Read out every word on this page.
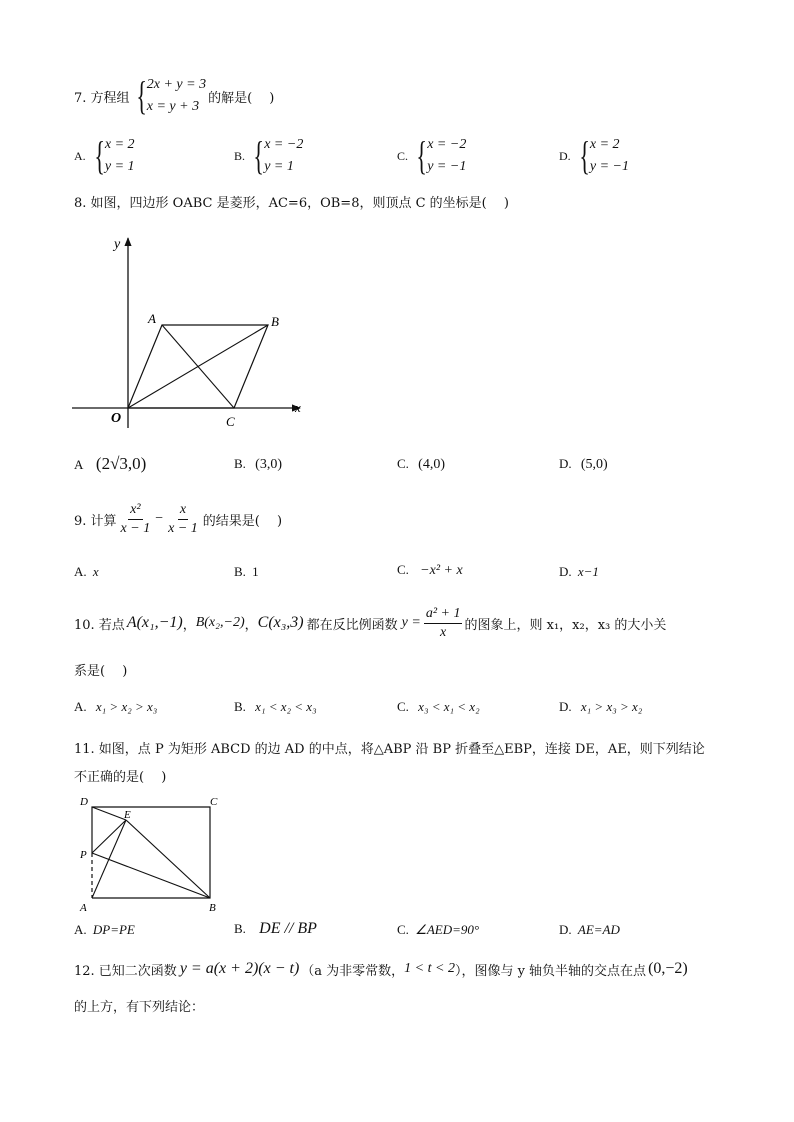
7. 方程组 { 2x + y = 3
x = y + 3
的解是(　 )
A. { x = 2
y = 1
B. { x = −2
y = 1
C. { x = −2
y = −1
D. { x = 2
y = −1
8. 如图，四边形 OABC 是菱形，AC=6，OB=8，则顶点 C 的坐标是(　 )
y
x
O
A	B
C
A (2√3,0)	B. (3,0)	C. (4,0)	D. (5,0)
9. 计算 $\frac{\text{x²}}{x - 1} - \frac{x}{x - 1}$ 的结果是(　 )
A. x	B. 1	C. −x² + x	D. x−1
10. 若点 A(x₁,−1) ， B(x₂,−2) ， C(x₃,3) 都在反比例函数 $y = \frac{\text{a² + 1}}{x}$ 的图象上，则 x₁，x₂，x₃ 的大小关
系是(　 )
A. x₁ > x₂ > x₃	B. x₁ < x₂ < x₃	C. x₃ < x₁ < x₂	D. x₁ > x₃ > x₂
11. 如图，点 P 为矩形 ABCD 的边 AD 的中点，将△ABP 沿 BP 折叠至△EBP，连接 DE，AE，则下列结论
不正确的是(　 )
D	C
E
P
A	B
A. DP=PE	B. DE // BP	C. ∠AED=90°	D. AE=AD
12. 已知二次函数 y = a(x + 2)(x − t) （a 为非零常数， 1 < t < 2 ），图像与 y 轴负半轴的交点在点 (0,−2)
的上方，有下列结论：
